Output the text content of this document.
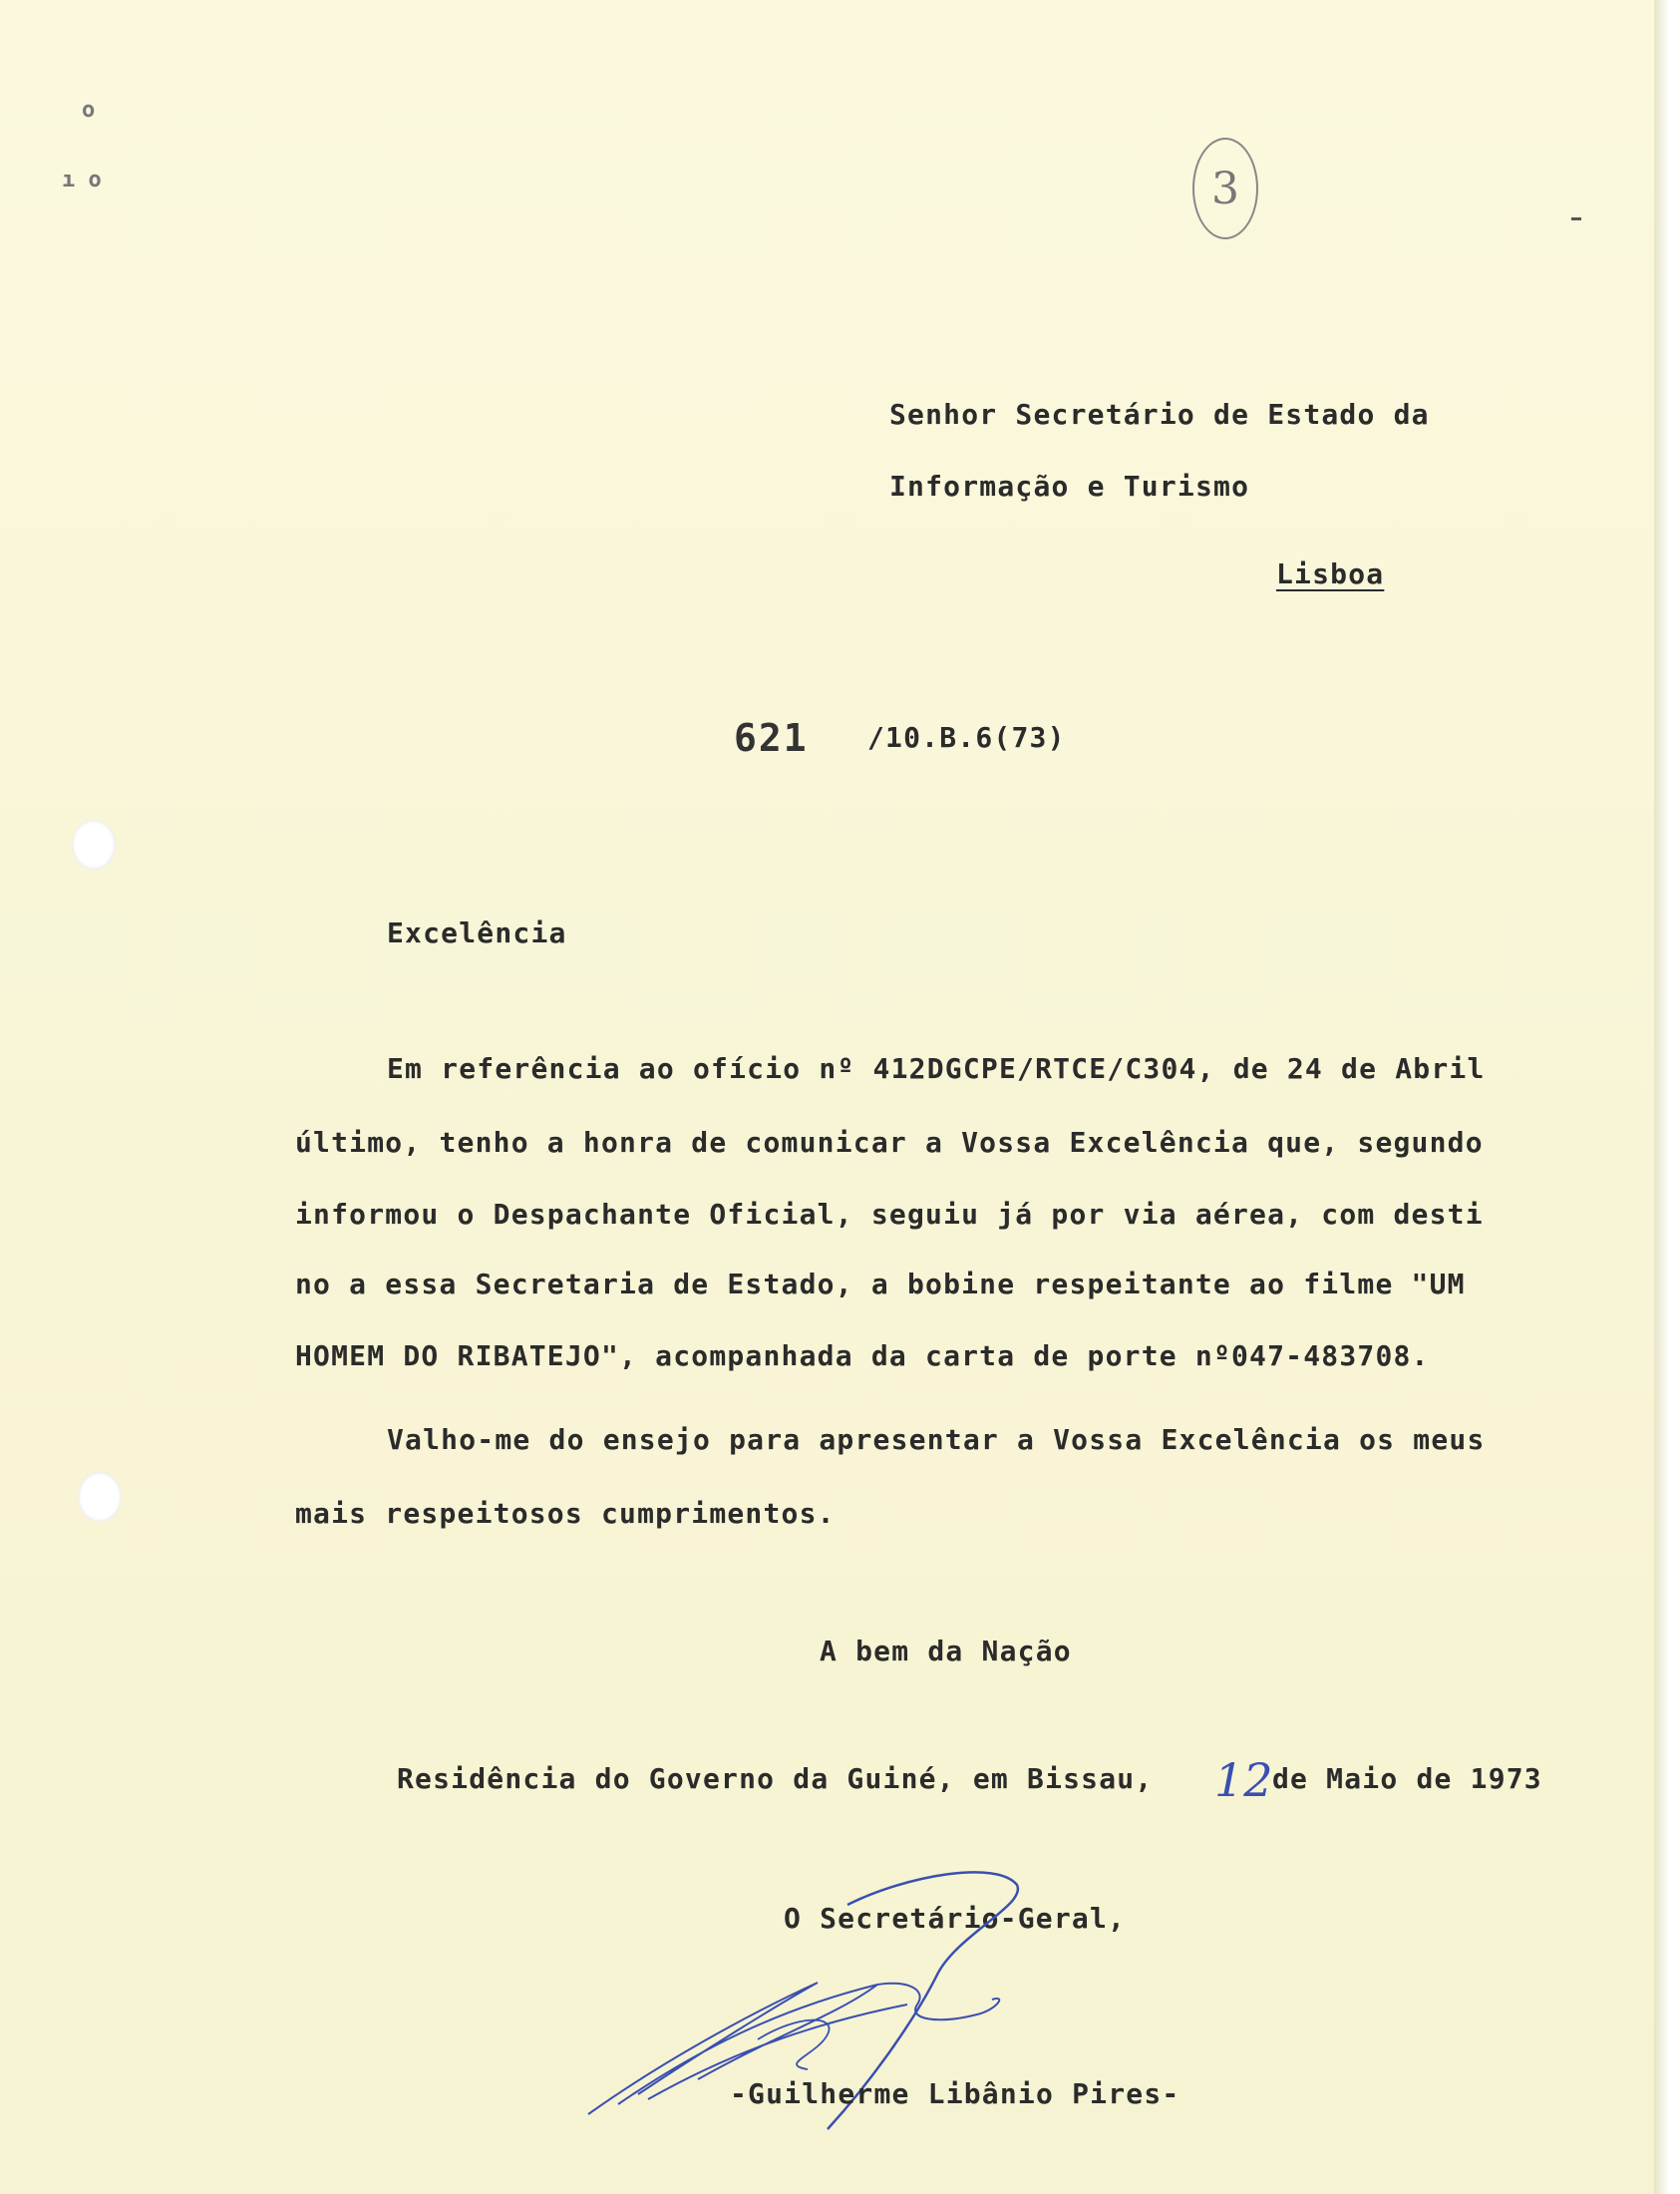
o
ı o	3

Senhor Secretário de Estado da

Informação e Turismo

Lisboa

621 /10.B.6(73)

Excelência

Em referência ao ofício nº 412DGCPE/RTCE/C304, de 24 de Abril

último, tenho a honra de comunicar a Vossa Excelência que, segundo

informou o Despachante Oficial, seguiu já por via aérea, com desti

no a essa Secretaria de Estado, a bobine respeitante ao filme "UM

HOMEM DO RIBATEJO", acompanhada da carta de porte nº047-483708.

Valho-me do ensejo para apresentar a Vossa Excelência os meus

mais respeitosos cumprimentos.

A bem da Nação

Residência do Governo da Guiné, em Bissau, 12 de Maio de 1973

O Secretário-Geral,

-Guilherme Libânio Pires-
